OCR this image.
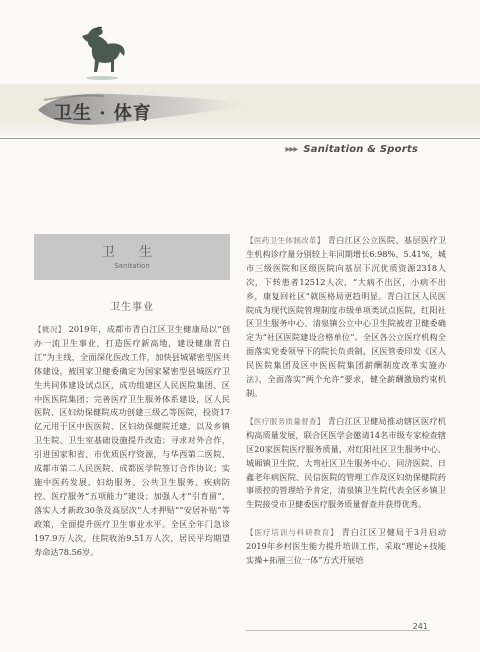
卫生 · 体育
▸▸▸ Sanitation & Sports
卫 生
Sanitation
卫生事业
【概况】 2019年，成都市青白江区卫生健康局以“创办一流卫生事业，打造医疗新高地，建设健康青白江”为主线，全面深化医改工作，加快县城紧密型医共体建设，被国家卫健委确定为国家紧密型县城医疗卫生共同体建设试点区，成功组建区人民医院集团、区中医医院集团；完善医疗卫生服务体系建设，区人民医院、区妇幼保健院成功创建三级乙等医院，投资17亿元用于区中医医院、区妇幼保健院迁建，以及乡镇卫生院、卫生室基础设施提升改造；寻求对外合作，引进国家和省、市优质医疗资源，与华西第二医院、成都市第二人民医院、成都医学院签订合作协议；实施中医药发展、妇幼服务、公共卫生服务、疾病防控、医疗服务“五项能力”建设；加强人才“引育留”，落实人才新政30条及高层次“人才押贴”“安居补贴”等政策，全面提升医疗卫生事业水平。全区全年门急诊197.9万人次，住院收治9.51万人次，居民平均期望寿命达78.56岁。
【医药卫生体制改革】 青白江区公立医院、基层医疗卫生机构诊疗量分别较上年同期增长6.98%、5.41%，城市三级医院和区级医院向基层下沉优质资源2318人次，下转患者12512人次，“大病不出区，小病不出乡，康复回社区”就医格局更趋明显。青白江区人民医院成为现代医院管理制度市级单项类试点医院，红阳社区卫生服务中心、清泉镇公立中心卫生院被省卫健委确定为“社区医院建设合格单位”。全区各公立医疗机构全面落实党委领导下的院长负责制，区医管委印发《区人民医院集团及区中医医院集团薪酬制度改革实施办法》，全面落实“两个允许”要求，健全薪酬激励约束机制。
【医疗服务质量督查】 青白江区卫健局推动辖区医疗机构高质量发展，联合区医学会邀请14名市级专家检查辖区20家医院医疗服务质量，对红阳社区卫生服务中心、城厢镇卫生院、大弯社区卫生服务中心、同济医院、日鑫老年病医院、民信医院的管理工作及区妇幼保健院药事质控的管理给予肯定，清泉镇卫生院代表全区乡镇卫生院接受市卫健委医疗服务质量督查并获得优秀。
【医疗培训与科研教育】 青白江区卫健局于3月启动2019年乡村医生能力提升培训工作，采取“理论+技能实操+拓展三位一体”方式开展培
241
